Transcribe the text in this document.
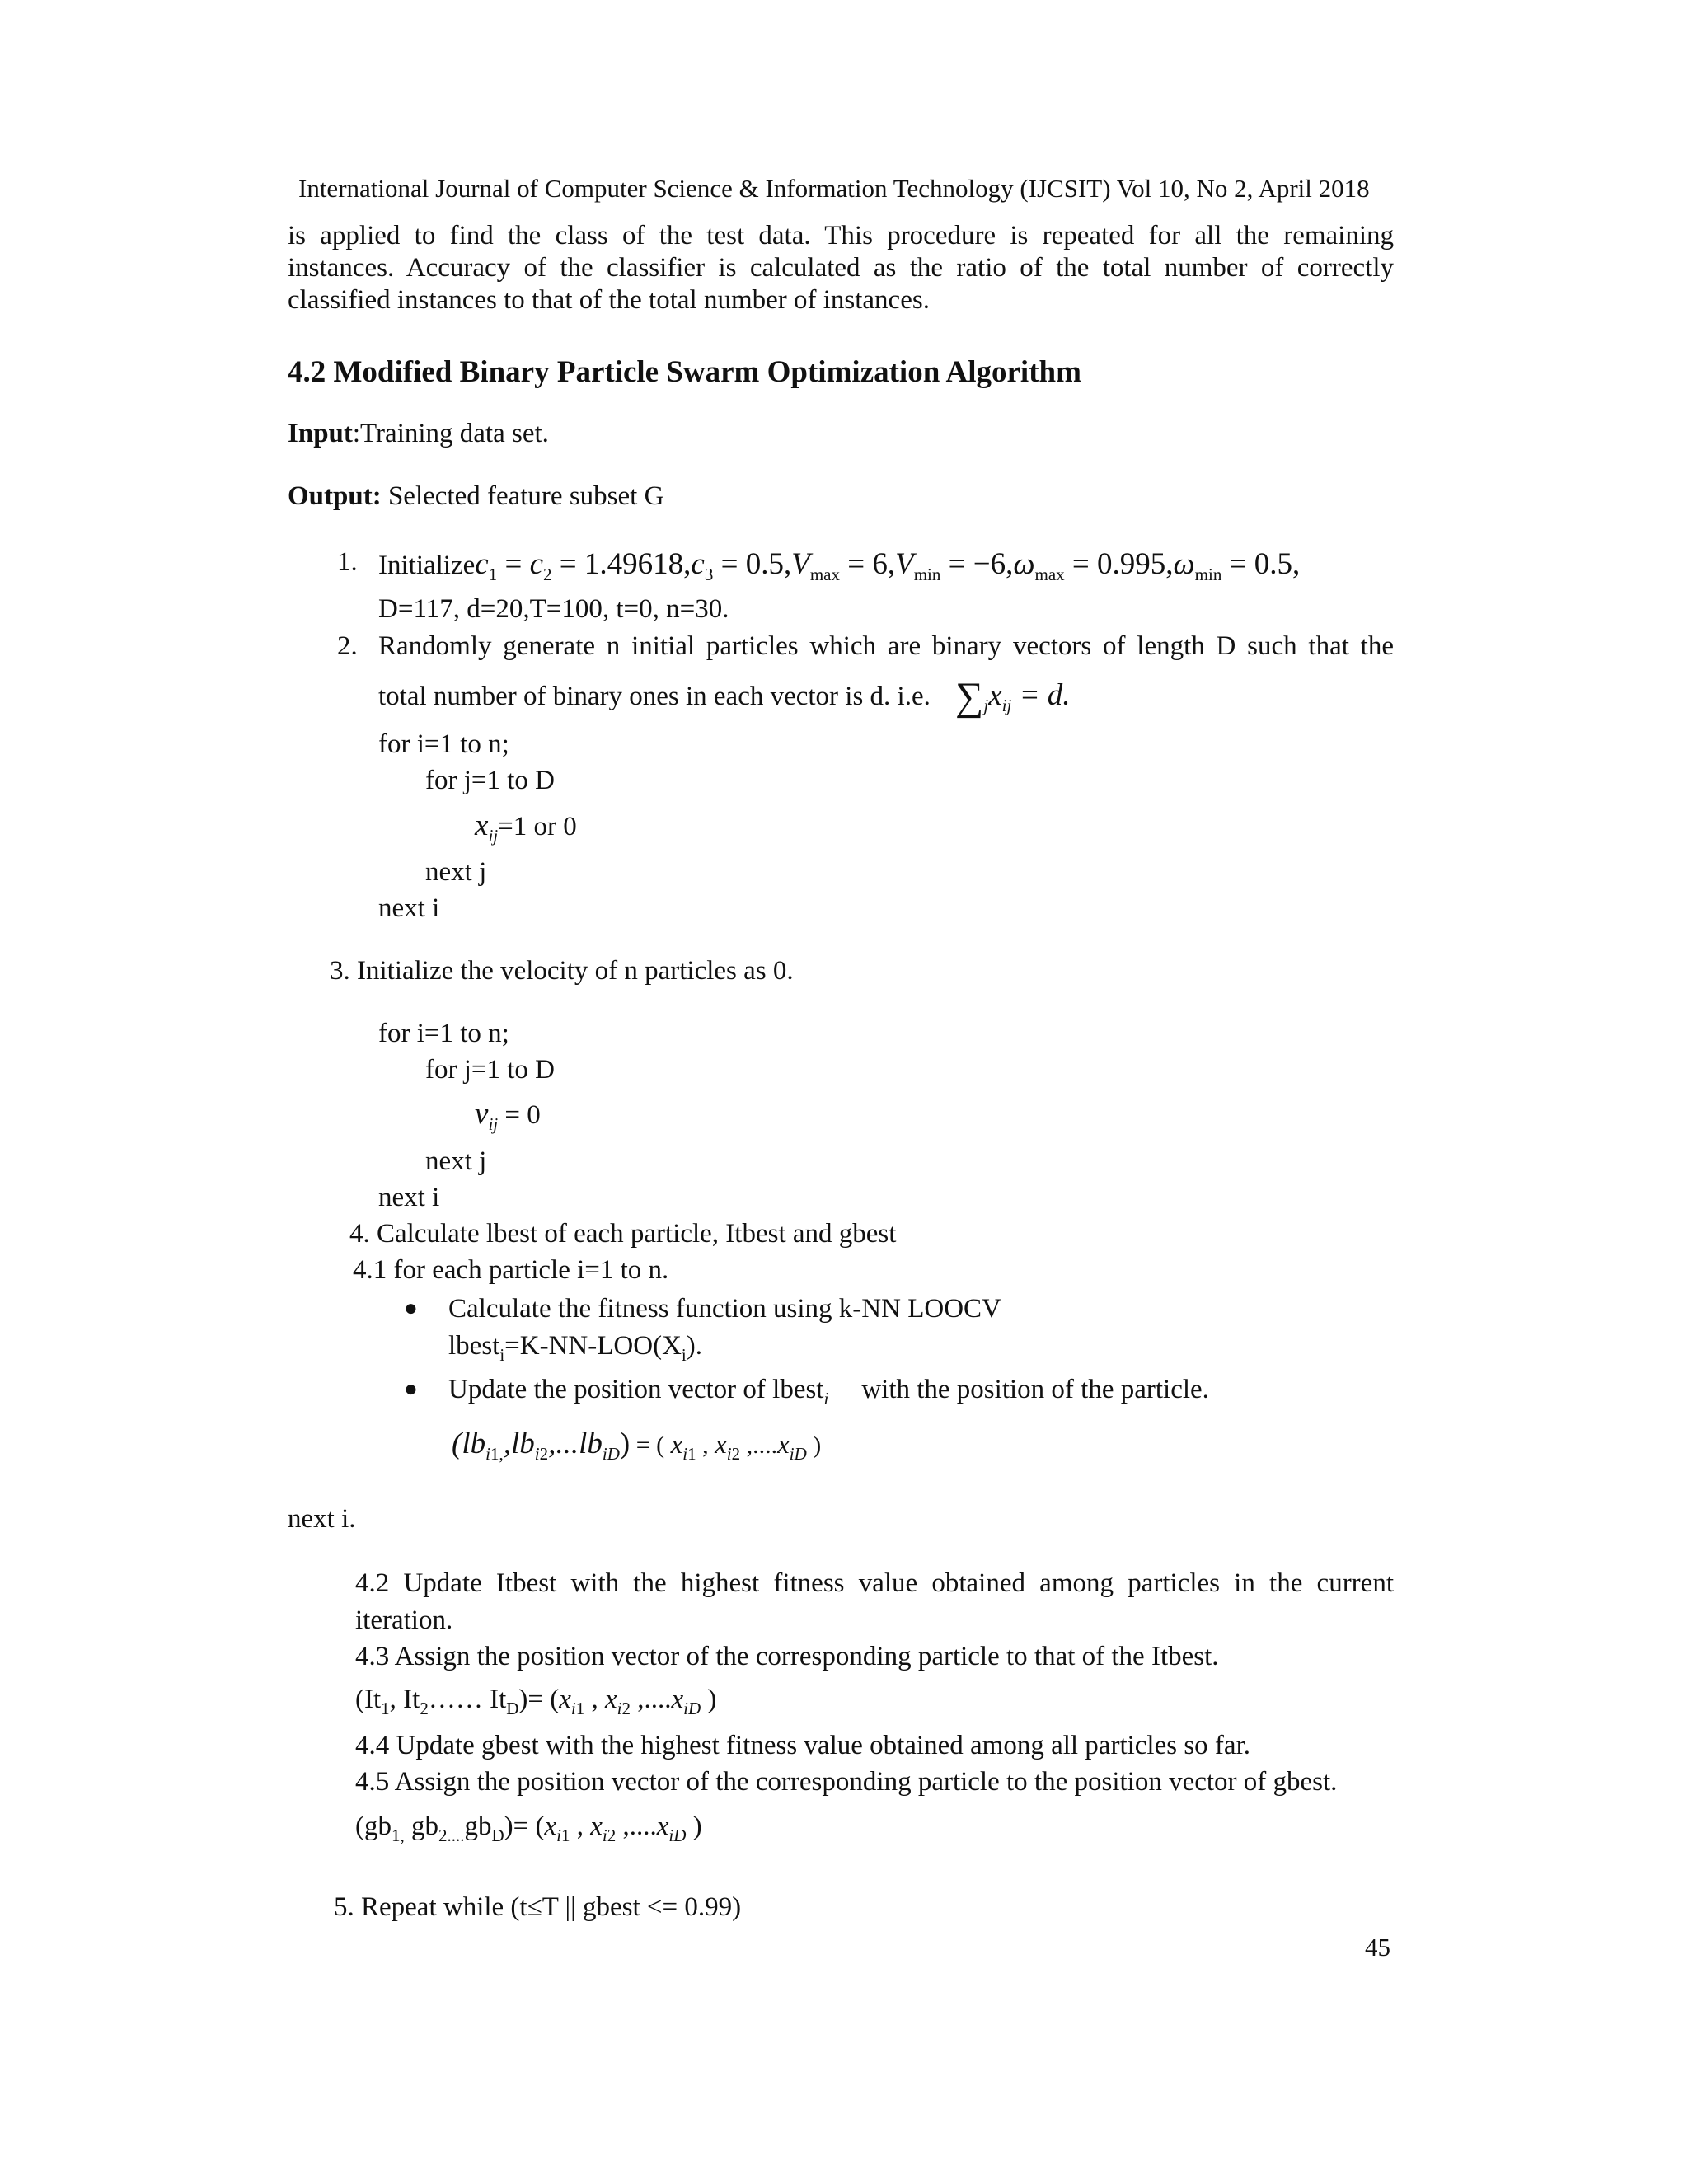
International Journal of Computer Science & Information Technology (IJCSIT) Vol 10, No 2, April 2018
is applied to find the class of the test data. This procedure is repeated for all the remaining
instances. Accuracy of the classifier is calculated as the ratio of the total number of correctly
classified instances to that of the total number of instances.
4.2 Modified Binary Particle Swarm Optimization Algorithm
Input:Training data set.
Output: Selected feature subset G
1. Initializec$_1$ = $c_2 = 1.49618,c_3 = 0.5,V_{max} = 6,V_{min} = -6,\omega_{max} = 0.995,\omega_{min} = 0.5$,
D=117, d=20,T=100, t=0, n=30.
2. Randomly generate n initial particles which are binary vectors of length D such that the
total number of binary ones in each vector is d. i.e. $\sum_jx_{ij} = d$.
for i=1 to n;
for j=1 to D
$x_{ij}=1$ or 0
next j
next i
3. Initialize the velocity of n particles as 0.
for i=1 to n;
for j=1 to D
$v_{ij} = 0$
next j
next i
4. Calculate lbest of each particle, Itbest and gbest
4.1 for each particle i=1 to n.
● Calculate the fitness function using k-NN LOOCV
$lbest_i=K-NN-LOO(X_i)$.
● Update the position vector of lbest$_i$ with the position of the particle.
$(lb_{i1,},lb_{i2},...lb_{iD})$ = ( $x_{i1}$ , $x_{i2}$ $,....x_{iD}$ )
next i.
4.2 Update Itbest with the highest fitness value obtained among particles in the current
iteration.
4.3 Assign the position vector of the corresponding particle to that of the Itbest.
($It_1$, $It_2\dots\dots$ $It_D)= (x_{i1}$ , $x_{i2}$ $,....x_{iD}$ )
4.4 Update gbest with the highest fitness value obtained among all particles so far.
4.5 Assign the position vector of the corresponding particle to the position vector of gbest.
($gb_{1,}$ $gb_{2....}gb_D)= (x_{i1}$ , $x_{i2}$ $,....x_{iD}$ )
5. Repeat while (t≤T || gbest <= 0.99)
45
